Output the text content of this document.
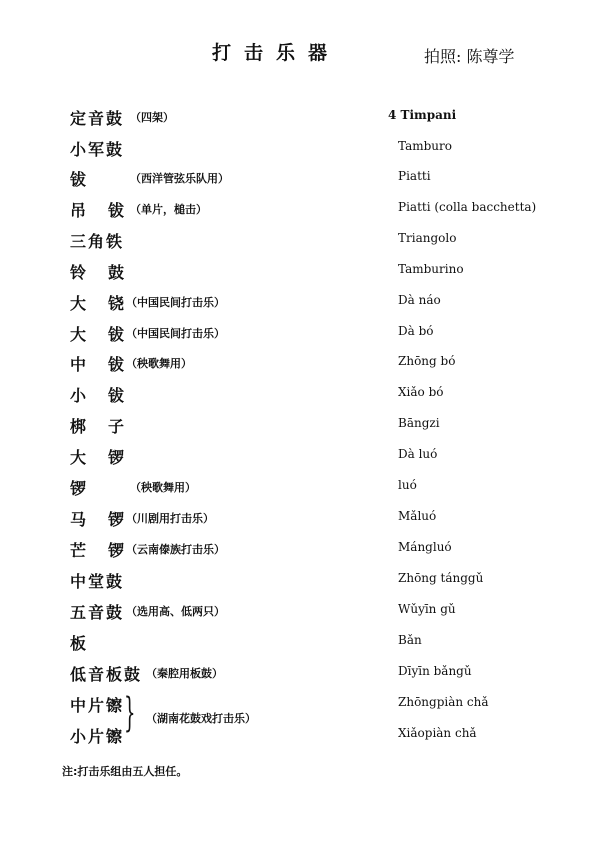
打击乐器	拍照: 陈尊学
定音鼓 （四架）	4 Timpani
小军鼓	Tamburo
钹	（西洋管弦乐队用）	Piatti
吊 钹 （单片，槌击）	Piatti (colla bacchetta)
三角铁	Triangolo
铃 鼓	Tamburino
大 铙 （中国民间打击乐）	Dà náo
大 钹 （中国民间打击乐）	Dà bó
中 钹 （秧歌舞用）	Zhōng bó
小 钹	Xiǎo bó
梆 子	Bāngzi
大 锣	Dà luó
锣	（秧歌舞用）	luó
马 锣 （川剧用打击乐）	Mǎluó
芒 锣 （云南傣族打击乐）	Mángluó
中堂鼓	Zhōng tánggǔ
五音鼓 （选用高、低两只）	Wǔyīn gǔ
板	Bǎn
低音板鼓 （秦腔用板鼓）	Dīyīn bǎngǔ
中片镲	Zhōngpiàn chǎ
小片镲	Xiǎopiàn chǎ
} （湖南花鼓戏打击乐）
注:打击乐组由五人担任。
